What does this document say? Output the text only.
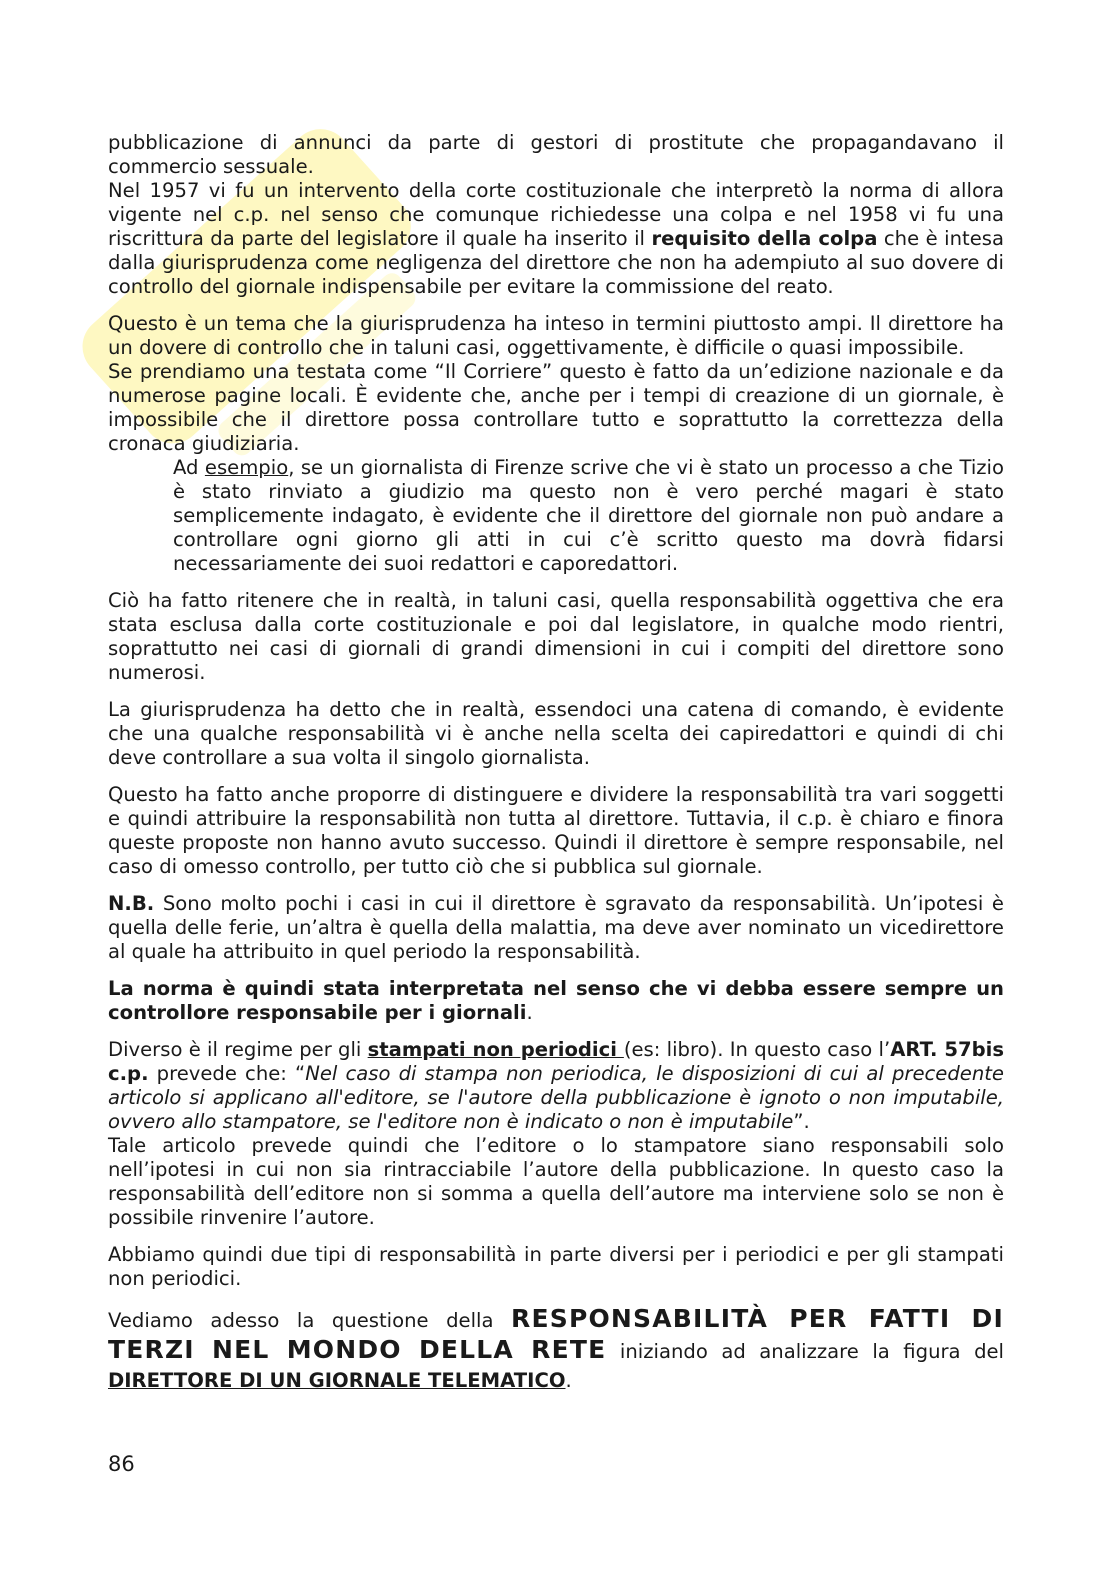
pubblicazione di annunci da parte di gestori di prostitute che propagandavano il commercio sessuale.

Nel 1957 vi fu un intervento della corte costituzionale che interpretò la norma di allora vigente nel c.p. nel senso che comunque richiedesse una colpa e nel 1958 vi fu una riscrittura da parte del legislatore il quale ha inserito il requisito della colpa che è intesa dalla giurisprudenza come negligenza del direttore che non ha adempiuto al suo dovere di controllo del giornale indispensabile per evitare la commissione del reato.

Questo è un tema che la giurisprudenza ha inteso in termini piuttosto ampi. Il direttore ha un dovere di controllo che in taluni casi, oggettivamente, è difficile o quasi impossibile.

Se prendiamo una testata come “Il Corriere” questo è fatto da un’edizione nazionale e da numerose pagine locali. È evidente che, anche per i tempi di creazione di un giornale, è impossibile che il direttore possa controllare tutto e soprattutto la correttezza della cronaca giudiziaria.

Ad esempio, se un giornalista di Firenze scrive che vi è stato un processo a che Tizio è stato rinviato a giudizio ma questo non è vero perché magari è stato semplicemente indagato, è evidente che il direttore del giornale non può andare a controllare ogni giorno gli atti in cui c’è scritto questo ma dovrà fidarsi necessariamente dei suoi redattori e caporedattori.

Ciò ha fatto ritenere che in realtà, in taluni casi, quella responsabilità oggettiva che era stata esclusa dalla corte costituzionale e poi dal legislatore, in qualche modo rientri, soprattutto nei casi di giornali di grandi dimensioni in cui i compiti del direttore sono numerosi.

La giurisprudenza ha detto che in realtà, essendoci una catena di comando, è evidente che una qualche responsabilità vi è anche nella scelta dei capiredattori e quindi di chi deve controllare a sua volta il singolo giornalista.

Questo ha fatto anche proporre di distinguere e dividere la responsabilità tra vari soggetti e quindi attribuire la responsabilità non tutta al direttore. Tuttavia, il c.p. è chiaro e finora queste proposte non hanno avuto successo. Quindi il direttore è sempre responsabile, nel caso di omesso controllo, per tutto ciò che si pubblica sul giornale.

N.B. Sono molto pochi i casi in cui il direttore è sgravato da responsabilità. Un’ipotesi è quella delle ferie, un’altra è quella della malattia, ma deve aver nominato un vicedirettore al quale ha attribuito in quel periodo la responsabilità.

La norma è quindi stata interpretata nel senso che vi debba essere sempre un controllore responsabile per i giornali.

Diverso è il regime per gli stampati non periodici (es: libro). In questo caso l’ART. 57bis c.p. prevede che: “Nel caso di stampa non periodica, le disposizioni di cui al precedente articolo si applicano all'editore, se l'autore della pubblicazione è ignoto o non imputabile, ovvero allo stampatore, se l'editore non è indicato o non è imputabile”.

Tale articolo prevede quindi che l’editore o lo stampatore siano responsabili solo nell’ipotesi in cui non sia rintracciabile l’autore della pubblicazione. In questo caso la responsabilità dell’editore non si somma a quella dell’autore ma interviene solo se non è possibile rinvenire l’autore.

Abbiamo quindi due tipi di responsabilità in parte diversi per i periodici e per gli stampati non periodici.

Vediamo adesso la questione della RESPONSABILITÀ PER FATTI DI TERZI NEL MONDO DELLA RETE iniziando ad analizzare la figura del DIRETTORE DI UN GIORNALE TELEMATICO.

86
